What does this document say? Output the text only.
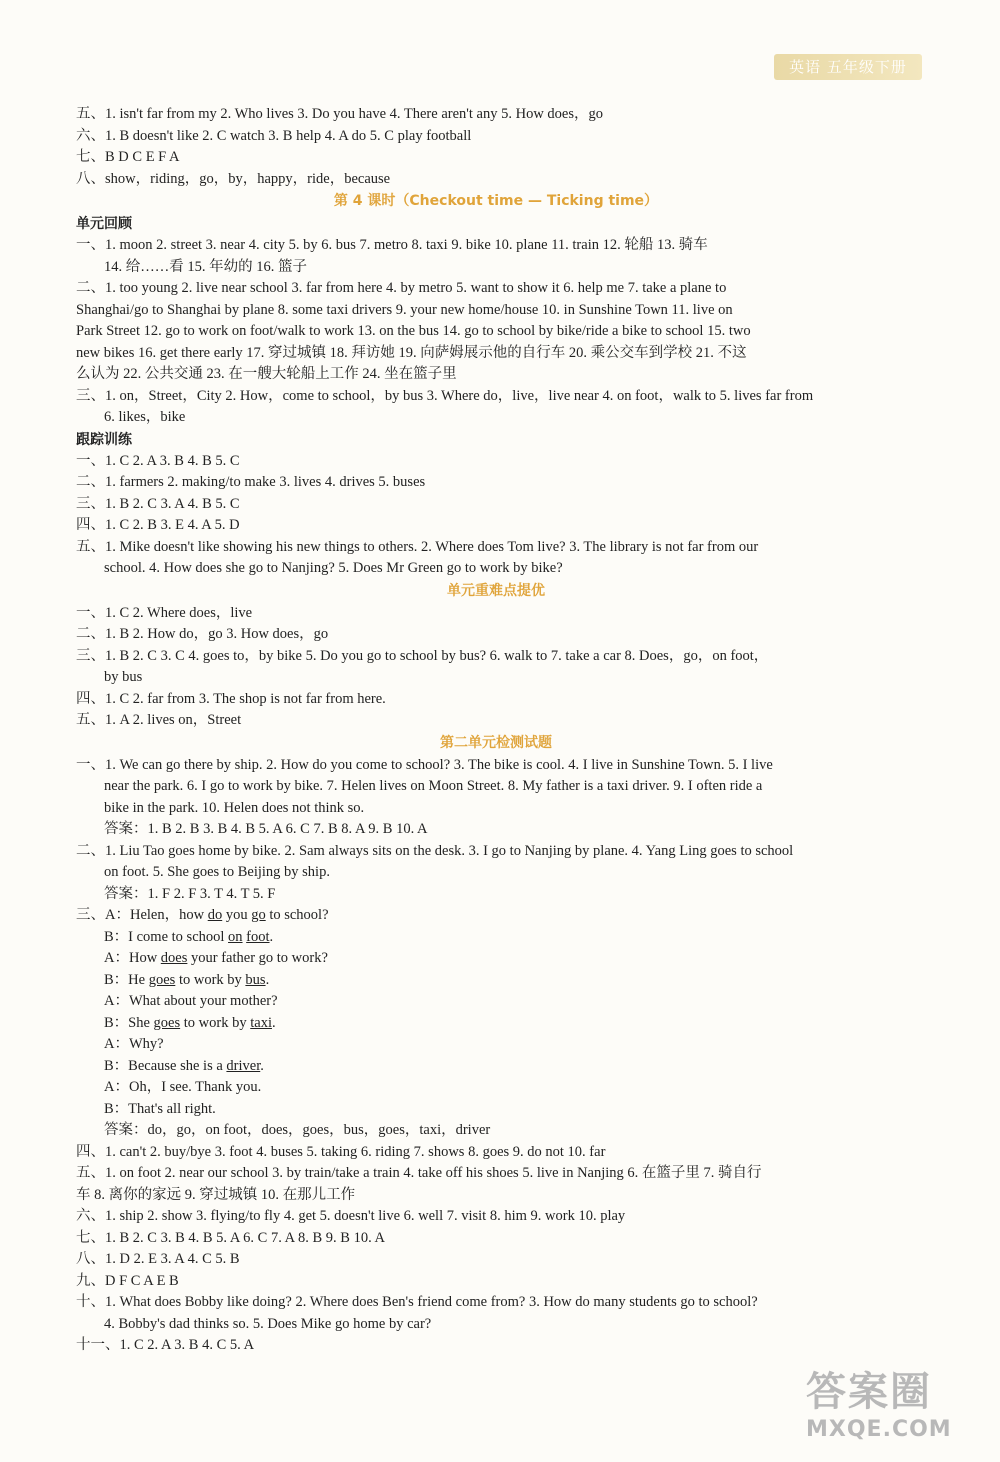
英语 五年级下册
五、1. isn't far from my 2. Who lives 3. Do you have 4. There aren't any 5. How does，go
六、1. B doesn't like 2. C watch 3. B help 4. A do 5. C play football
七、B D C E F A
八、show，riding，go，by，happy，ride，because
第 4 课时（Checkout time — Ticking time）
单元回顾
一、1. moon 2. street 3. near 4. city 5. by 6. bus 7. metro 8. taxi 9. bike 10. plane 11. train 12. 轮船 13. 骑车
14. 给……看 15. 年幼的 16. 篮子
二、1. too young 2. live near school 3. far from here 4. by metro 5. want to show it 6. help me 7. take a plane to
Shanghai/go to Shanghai by plane 8. some taxi drivers 9. your new home/house 10. in Sunshine Town 11. live on
Park Street 12. go to work on foot/walk to work 13. on the bus 14. go to school by bike/ride a bike to school 15. two
new bikes 16. get there early 17. 穿过城镇 18. 拜访她 19. 向萨姆展示他的自行车 20. 乘公交车到学校 21. 不这
么认为 22. 公共交通 23. 在一艘大轮船上工作 24. 坐在篮子里
三、1. on，Street，City 2. How，come to school，by bus 3. Where do，live，live near 4. on foot，walk to 5. lives far from
6. likes，bike
跟踪训练
一、1. C 2. A 3. B 4. B 5. C
二、1. farmers 2. making/to make 3. lives 4. drives 5. buses
三、1. B 2. C 3. A 4. B 5. C
四、1. C 2. B 3. E 4. A 5. D
五、1. Mike doesn't like showing his new things to others. 2. Where does Tom live? 3. The library is not far from our
school. 4. How does she go to Nanjing? 5. Does Mr Green go to work by bike?
单元重难点提优
一、1. C 2. Where does，live
二、1. B 2. How do，go 3. How does，go
三、1. B 2. C 3. C 4. goes to，by bike 5. Do you go to school by bus? 6. walk to 7. take a car 8. Does，go，on foot，
by bus
四、1. C 2. far from 3. The shop is not far from here.
五、1. A 2. lives on，Street
第二单元检测试题
一、1. We can go there by ship. 2. How do you come to school? 3. The bike is cool. 4. I live in Sunshine Town. 5. I live
near the park. 6. I go to work by bike. 7. Helen lives on Moon Street. 8. My father is a taxi driver. 9. I often ride a
bike in the park. 10. Helen does not think so.
答案：1. B 2. B 3. B 4. B 5. A 6. C 7. B 8. A 9. B 10. A
二、1. Liu Tao goes home by bike. 2. Sam always sits on the desk. 3. I go to Nanjing by plane. 4. Yang Ling goes to school
on foot. 5. She goes to Beijing by ship.
答案：1. F 2. F 3. T 4. T 5. F
三、A：Helen，how do you go to school?
B：I come to school on foot.
A：How does your father go to work?
B：He goes to work by bus.
A：What about your mother?
B：She goes to work by taxi.
A：Why?
B：Because she is a driver.
A：Oh，I see. Thank you.
B：That's all right.
答案：do，go，on foot，does，goes，bus，goes，taxi，driver
四、1. can't 2. buy/bye 3. foot 4. buses 5. taking 6. riding 7. shows 8. goes 9. do not 10. far
五、1. on foot 2. near our school 3. by train/take a train 4. take off his shoes 5. live in Nanjing 6. 在篮子里 7. 骑自行
车 8. 离你的家远 9. 穿过城镇 10. 在那儿工作
六、1. ship 2. show 3. flying/to fly 4. get 5. doesn't live 6. well 7. visit 8. him 9. work 10. play
七、1. B 2. C 3. B 4. B 5. A 6. C 7. A 8. B 9. B 10. A
八、1. D 2. E 3. A 4. C 5. B
九、D F C A E B
十、1. What does Bobby like doing? 2. Where does Ben's friend come from? 3. How do many students go to school?
4. Bobby's dad thinks so. 5. Does Mike go home by car?
十一、1. C 2. A 3. B 4. C 5. A
答案圈
MXQE.COM
